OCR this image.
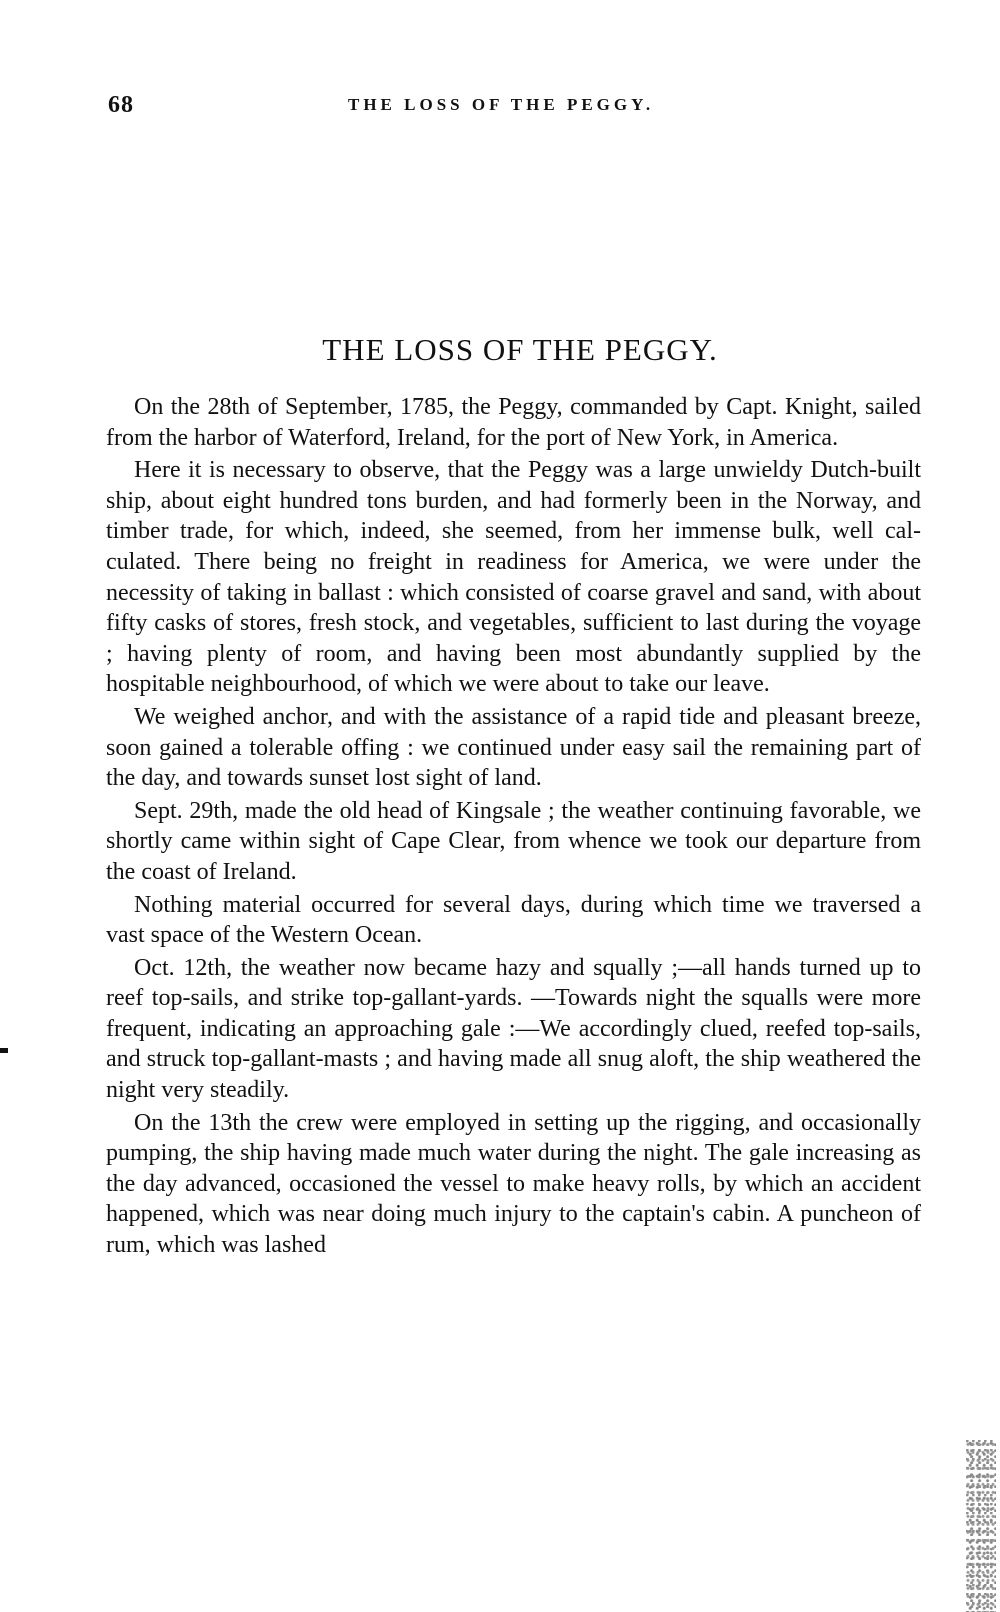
68	THE LOSS OF THE PEGGY.
THE LOSS OF THE PEGGY.

On the 28th of September, 1785, the Peggy, commanded by Capt. Knight, sailed from the harbor of Waterford, Ireland, for the port of New York, in America.

Here it is necessary to observe, that the Peggy was a large unwieldy Dutch-built ship, about eight hundred tons burden, and had formerly been in the Norway, and timber trade, for which, indeed, she seemed, from her immense bulk, well calculated. There being no freight in readiness for America, we were under the necessity of taking in ballast : which consisted of coarse gravel and sand, with about fifty casks of stores, fresh stock, and vegetables, sufficient to last during the voyage ; having plenty of room, and having been most abundantly supplied by the hospitable neighbourhood, of which we were about to take our leave.

We weighed anchor, and with the assistance of a rapid tide and pleasant breeze, soon gained a tolerable offing : we continued under easy sail the remaining part of the day, and towards sunset lost sight of land.

Sept. 29th, made the old head of Kingsale ; the weather continuing favorable, we shortly came within sight of Cape Clear, from whence we took our departure from the coast of Ireland.

Nothing material occurred for several days, during which time we traversed a vast space of the Western Ocean.

Oct. 12th, the weather now became hazy and squally ;—all hands turned up to reef top-sails, and strike top-gallant-yards. —Towards night the squalls were more frequent, indicating an approaching gale :—We accordingly clued, reefed top-sails, and struck top-gallant-masts ; and having made all snug aloft, the ship weathered the night very steadily.

On the 13th the crew were employed in setting up the rigging, and occasionally pumping, the ship having made much water during the night. The gale increasing as the day advanced, occasioned the vessel to make heavy rolls, by which an accident happened, which was near doing much injury to the captain's cabin. A puncheon of rum, which was lashed
